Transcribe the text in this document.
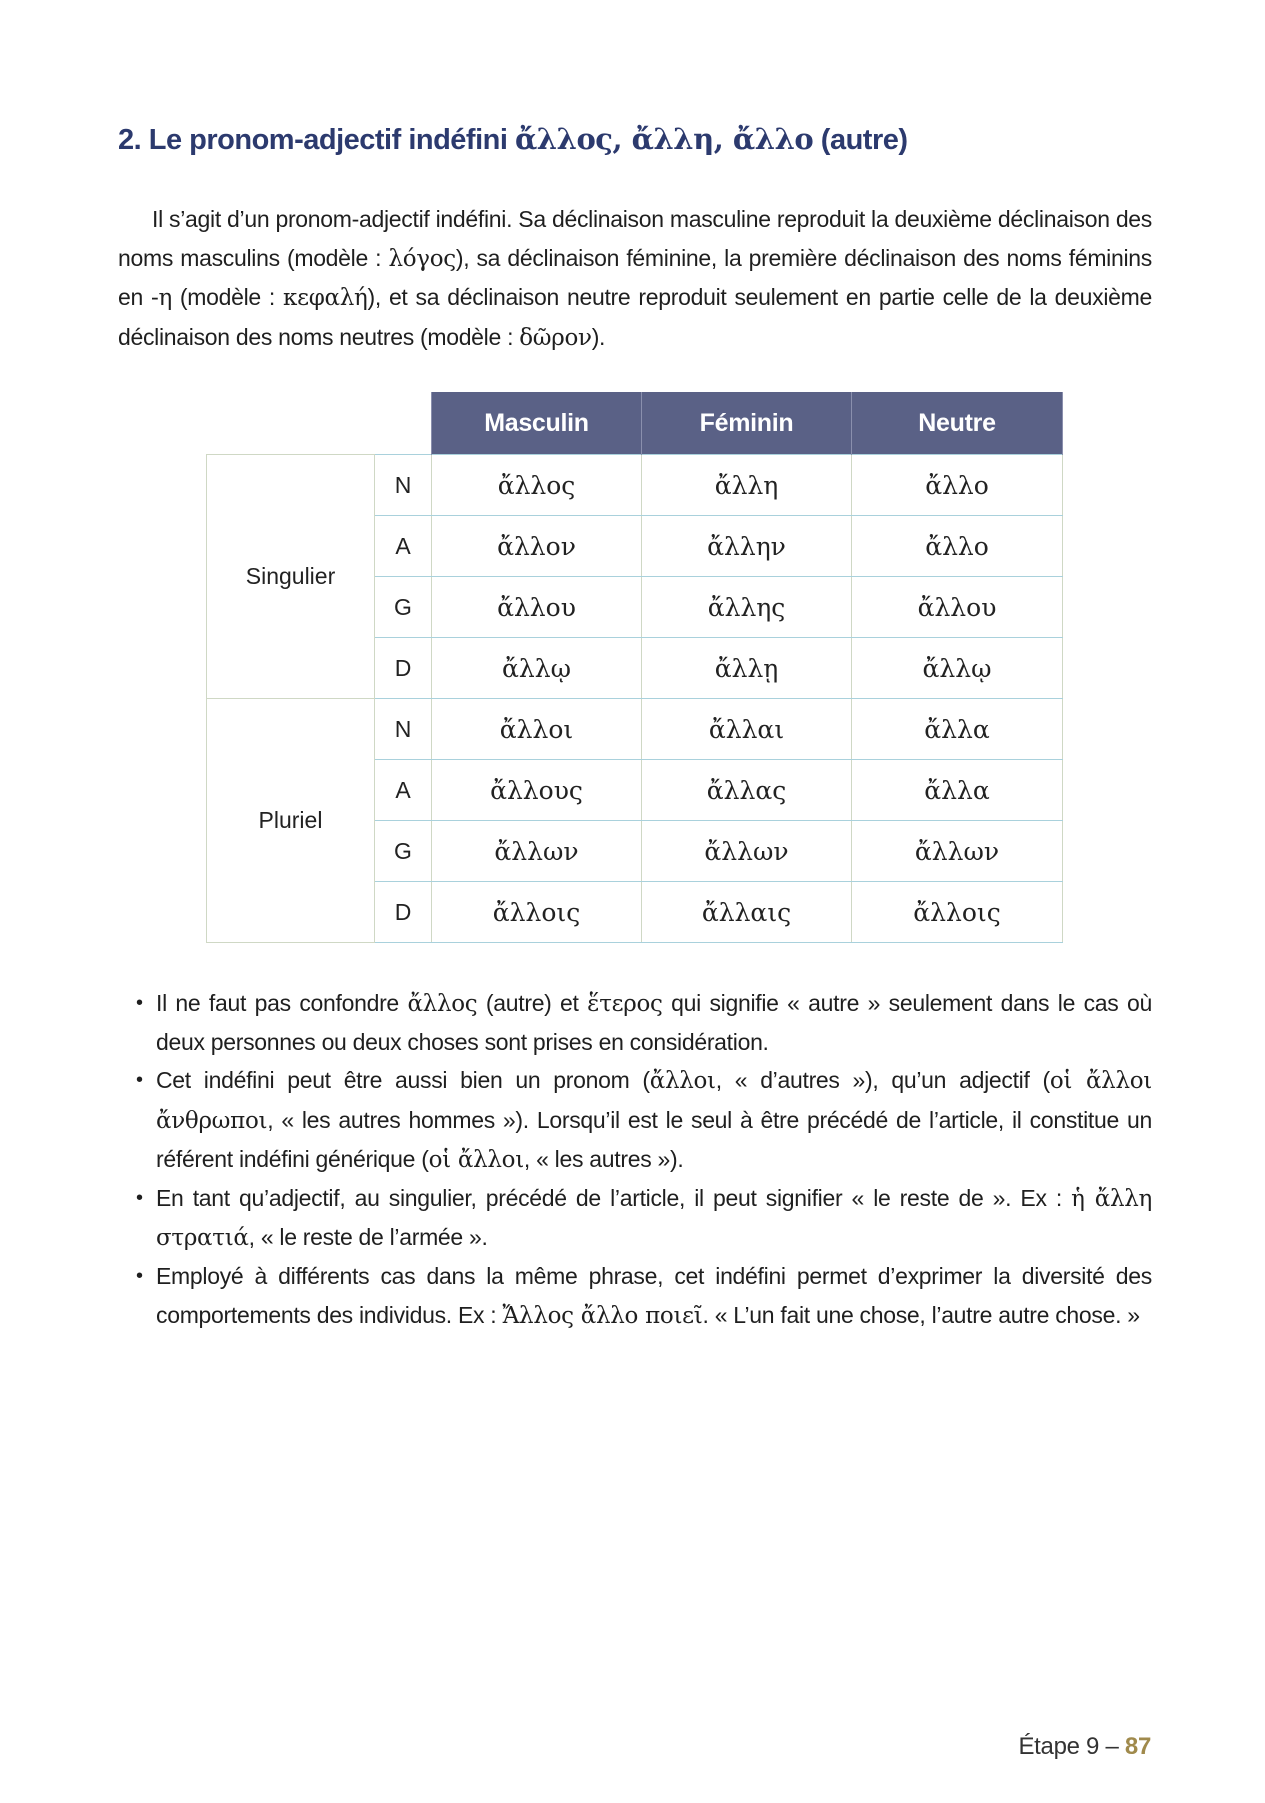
2. Le pronom-adjectif indéfini ἄλλος, ἄλλη, ἄλλο (autre)

Il s’agit d’un pronom-adjectif indéfini. Sa déclinaison masculine reproduit la deuxième déclinaison des noms masculins (modèle : λόγος), sa déclinaison féminine, la première déclinaison des noms féminins en -η (modèle : κεφαλή), et sa déclinaison neutre reproduit seulement en partie celle de la deuxième déclinaison des noms neutres (modèle : δῶρον).

		Masculin	Féminin	Neutre
Singulier	N	ἄλλος	ἄλλη	ἄλλο
	A	ἄλλον	ἄλλην	ἄλλο
	G	ἄλλου	ἄλλης	ἄλλου
	D	ἄλλῳ	ἄλλῃ	ἄλλῳ
Pluriel	N	ἄλλοι	ἄλλαι	ἄλλα
	A	ἄλλους	ἄλλας	ἄλλα
	G	ἄλλων	ἄλλων	ἄλλων
	D	ἄλλοις	ἄλλαις	ἄλλοις
• Il ne faut pas confondre ἄλλος (autre) et ἕτερος qui signifie « autre » seulement dans le cas où deux personnes ou deux choses sont prises en considération.
• Cet indéfini peut être aussi bien un pronom (ἄλλοι, « d’autres »), qu’un adjectif (οἱ ἄλλοι ἄνθρωποι, « les autres hommes »). Lorsqu’il est le seul à être précédé de l’article, il constitue un référent indéfini générique (οἱ ἄλλοι, « les autres »).
• En tant qu’adjectif, au singulier, précédé de l’article, il peut signifier « le reste de ». Ex : ἡ ἄλλη στρατιά, « le reste de l’armée ».
• Employé à différents cas dans la même phrase, cet indéfini permet d’exprimer la diversité des comportements des individus. Ex : Ἄλλος ἄλλο ποιεῖ. « L’un fait une chose, l’autre autre chose. »
Étape 9 – 87
